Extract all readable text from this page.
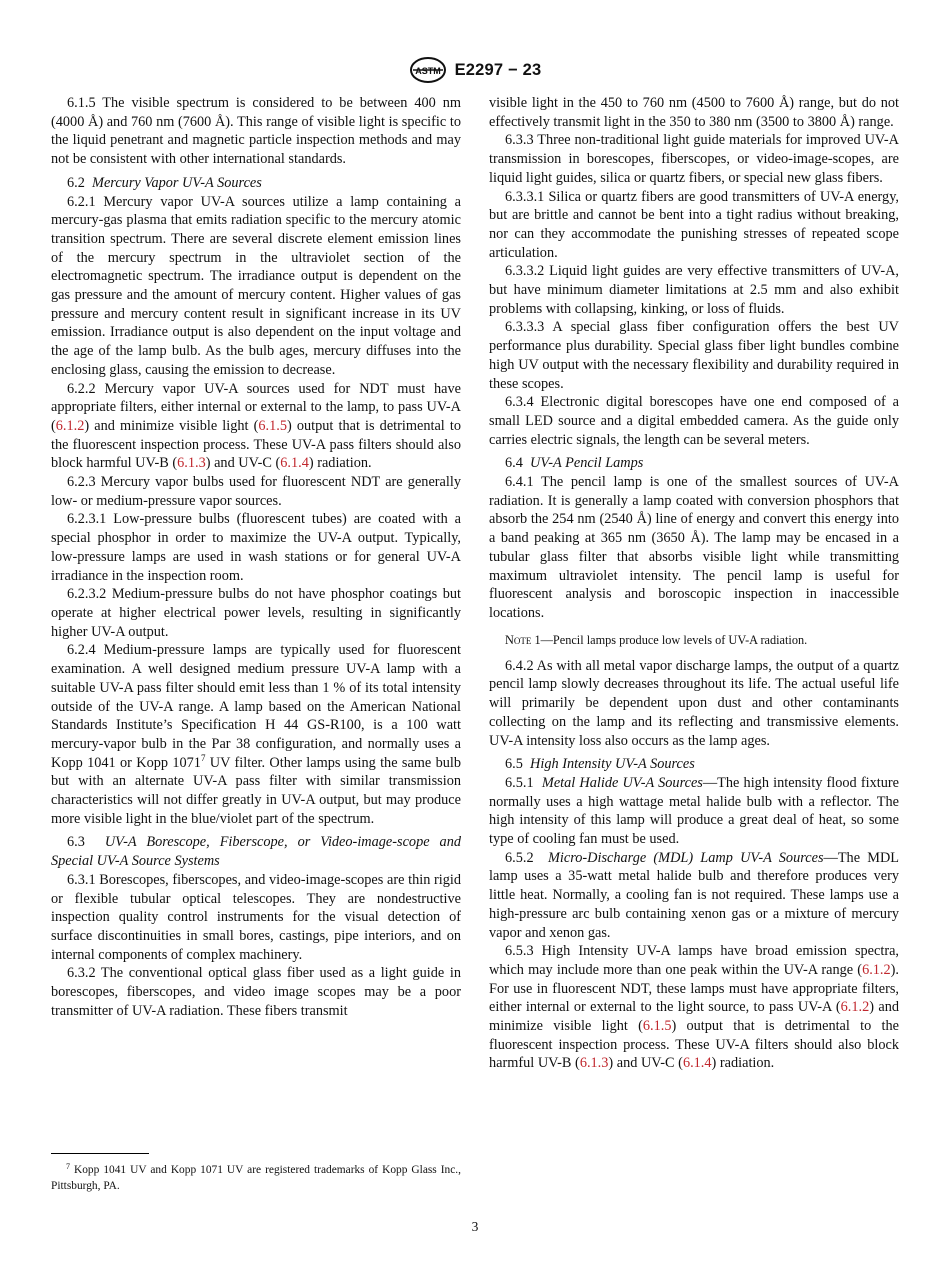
ASTM E2297 − 23

6.1.5 The visible spectrum is considered to be between 400 nm (4000 Å) and 760 nm (7600 Å). This range of visible light is specific to the liquid penetrant and magnetic particle inspection methods and may not be consistent with other international standards.

6.2 Mercury Vapor UV-A Sources

6.2.1 Mercury vapor UV-A sources utilize a lamp containing a mercury-gas plasma that emits radiation specific to the mercury atomic transition spectrum. There are several discrete element emission lines of the mercury spectrum in the ultraviolet section of the electromagnetic spectrum. The irradiance output is dependent on the gas pressure and the amount of mercury content. Higher values of gas pressure and mercury content result in significant increase in its UV emission. Irradiance output is also dependent on the input voltage and the age of the lamp bulb. As the bulb ages, mercury diffuses into the enclosing glass, causing the emission to decrease.

6.2.2 Mercury vapor UV-A sources used for NDT must have appropriate filters, either internal or external to the lamp, to pass UV-A (6.1.2) and minimize visible light (6.1.5) output that is detrimental to the fluorescent inspection process. These UV-A pass filters should also block harmful UV-B (6.1.3) and UV-C (6.1.4) radiation.

6.2.3 Mercury vapor bulbs used for fluorescent NDT are generally low- or medium-pressure vapor sources.

6.2.3.1 Low-pressure bulbs (fluorescent tubes) are coated with a special phosphor in order to maximize the UV-A output. Typically, low-pressure lamps are used in wash stations or for general UV-A irradiance in the inspection room.

6.2.3.2 Medium-pressure bulbs do not have phosphor coatings but operate at higher electrical power levels, resulting in significantly higher UV-A output.

6.2.4 Medium-pressure lamps are typically used for fluorescent examination. A well designed medium pressure UV-A lamp with a suitable UV-A pass filter should emit less than 1 % of its total intensity outside of the UV-A range. A lamp based on the American National Standards Institute’s Specification H 44 GS-R100, is a 100 watt mercury-vapor bulb in the Par 38 configuration, and normally uses a Kopp 1041 or Kopp 1071$^7$ UV filter. Other lamps using the same bulb but with an alternate UV-A pass filter with similar transmission characteristics will not differ greatly in UV-A output, but may produce more visible light in the blue/violet part of the spectrum.

6.3 UV-A Borescope, Fiberscope, or Video-image-scope and Special UV-A Source Systems

6.3.1 Borescopes, fiberscopes, and video-image-scopes are thin rigid or flexible tubular optical telescopes. They are nondestructive inspection quality control instruments for the visual detection of surface discontinuities in small bores, castings, pipe interiors, and on internal components of complex machinery.

6.3.2 The conventional optical glass fiber used as a light guide in borescopes, fiberscopes, and video image scopes may be a poor transmitter of UV-A radiation. These fibers transmit

visible light in the 450 to 760 nm (4500 to 7600 Å) range, but do not effectively transmit light in the 350 to 380 nm (3500 to 3800 Å) range.

6.3.3 Three non-traditional light guide materials for improved UV-A transmission in borescopes, fiberscopes, or video-image-scopes, are liquid light guides, silica or quartz fibers, or special new glass fibers.

6.3.3.1 Silica or quartz fibers are good transmitters of UV-A energy, but are brittle and cannot be bent into a tight radius without breaking, nor can they accommodate the punishing stresses of repeated scope articulation.

6.3.3.2 Liquid light guides are very effective transmitters of UV-A, but have minimum diameter limitations at 2.5 mm and also exhibit problems with collapsing, kinking, or loss of fluids.

6.3.3.3 A special glass fiber configuration offers the best UV performance plus durability. Special glass fiber light bundles combine high UV output with the necessary flexibility and durability required in these scopes.

6.3.4 Electronic digital borescopes have one end composed of a small LED source and a digital embedded camera. As the guide only carries electric signals, the length can be several meters.

6.4 UV-A Pencil Lamps

6.4.1 The pencil lamp is one of the smallest sources of UV-A radiation. It is generally a lamp coated with conversion phosphors that absorb the 254 nm (2540 Å) line of energy and convert this energy into a band peaking at 365 nm (3650 Å). The lamp may be encased in a tubular glass filter that absorbs visible light while transmitting maximum ultraviolet intensity. The pencil lamp is useful for fluorescent analysis and boroscopic inspection in inaccessible locations.

Note 1—Pencil lamps produce low levels of UV-A radiation.

6.4.2 As with all metal vapor discharge lamps, the output of a quartz pencil lamp slowly decreases throughout its life. The actual useful life will primarily be dependent upon dust and other contaminants collecting on the lamp and its reflecting and transmissive elements. UV-A intensity loss also occurs as the lamp ages.

6.5 High Intensity UV-A Sources

6.5.1 Metal Halide UV-A Sources—The high intensity flood fixture normally uses a high wattage metal halide bulb with a reflector. The high intensity of this lamp will produce a great deal of heat, so some type of cooling fan must be used.

6.5.2 Micro-Discharge (MDL) Lamp UV-A Sources—The MDL lamp uses a 35-watt metal halide bulb and therefore produces very little heat. Normally, a cooling fan is not required. These lamps use a high-pressure arc bulb containing xenon gas or a mixture of mercury vapor and xenon gas.

6.5.3 High Intensity UV-A lamps have broad emission spectra, which may include more than one peak within the UV-A range (6.1.2). For use in fluorescent NDT, these lamps must have appropriate filters, either internal or external to the light source, to pass UV-A (6.1.2) and minimize visible light (6.1.5) output that is detrimental to the fluorescent inspection process. These UV-A filters should also block harmful UV-B (6.1.3) and UV-C (6.1.4) radiation.

$^7$ Kopp 1041 UV and Kopp 1071 UV are registered trademarks of Kopp Glass Inc., Pittsburgh, PA.
3
